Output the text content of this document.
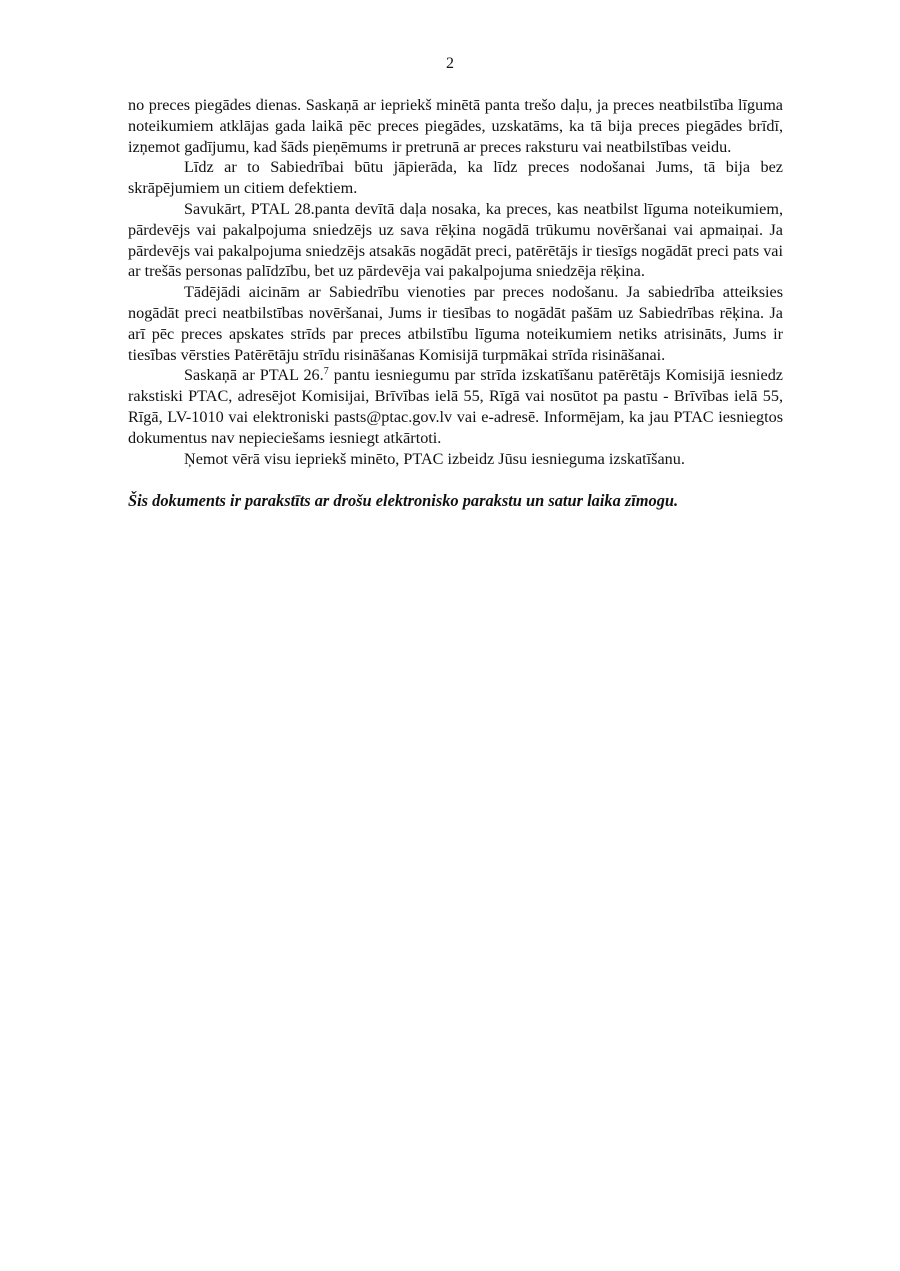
2

no preces piegādes dienas. Saskaņā ar iepriekš minētā panta trešo daļu, ja preces neatbilstība līguma noteikumiem atklājas gada laikā pēc preces piegādes, uzskatāms, ka tā bija preces piegādes brīdī, izņemot gadījumu, kad šāds pieņēmums ir pretrunā ar preces raksturu vai neatbilstības veidu.

Līdz ar to Sabiedrībai būtu jāpierāda, ka līdz preces nodošanai Jums, tā bija bez skrāpējumiem un citiem defektiem.

Savukārt, PTAL 28.panta devītā daļa nosaka, ka preces, kas neatbilst līguma noteikumiem, pārdevējs vai pakalpojuma sniedzējs uz sava rēķina nogādā trūkumu novēršanai vai apmaiņai. Ja pārdevējs vai pakalpojuma sniedzējs atsakās nogādāt preci, patērētājs ir tiesīgs nogādāt preci pats vai ar trešās personas palīdzību, bet uz pārdevēja vai pakalpojuma sniedzēja rēķina.

Tādējādi aicinām ar Sabiedrību vienoties par preces nodošanu. Ja sabiedrība atteiksies nogādāt preci neatbilstības novēršanai, Jums ir tiesības to nogādāt pašām uz Sabiedrības rēķina. Ja arī pēc preces apskates strīds par preces atbilstību līguma noteikumiem netiks atrisināts, Jums ir tiesības vērsties Patērētāju strīdu risināšanas Komisijā turpmākai strīda risināšanai.

Saskaņā ar PTAL 26.$^7$ pantu iesniegumu par strīda izskatīšanu patērētājs Komisijā iesniedz rakstiski PTAC, adresējot Komisijai, Brīvības ielā 55, Rīgā vai nosūtot pa pastu - Brīvības ielā 55, Rīgā, LV-1010 vai elektroniski pasts@ptac.gov.lv vai e-adresē. Informējam, ka jau PTAC iesniegtos dokumentus nav nepieciešams iesniegt atkārtoti.

Ņemot vērā visu iepriekš minēto, PTAC izbeidz Jūsu iesnieguma izskatīšanu.

Šis dokuments ir parakstīts ar drošu elektronisko parakstu un satur laika zīmogu.
